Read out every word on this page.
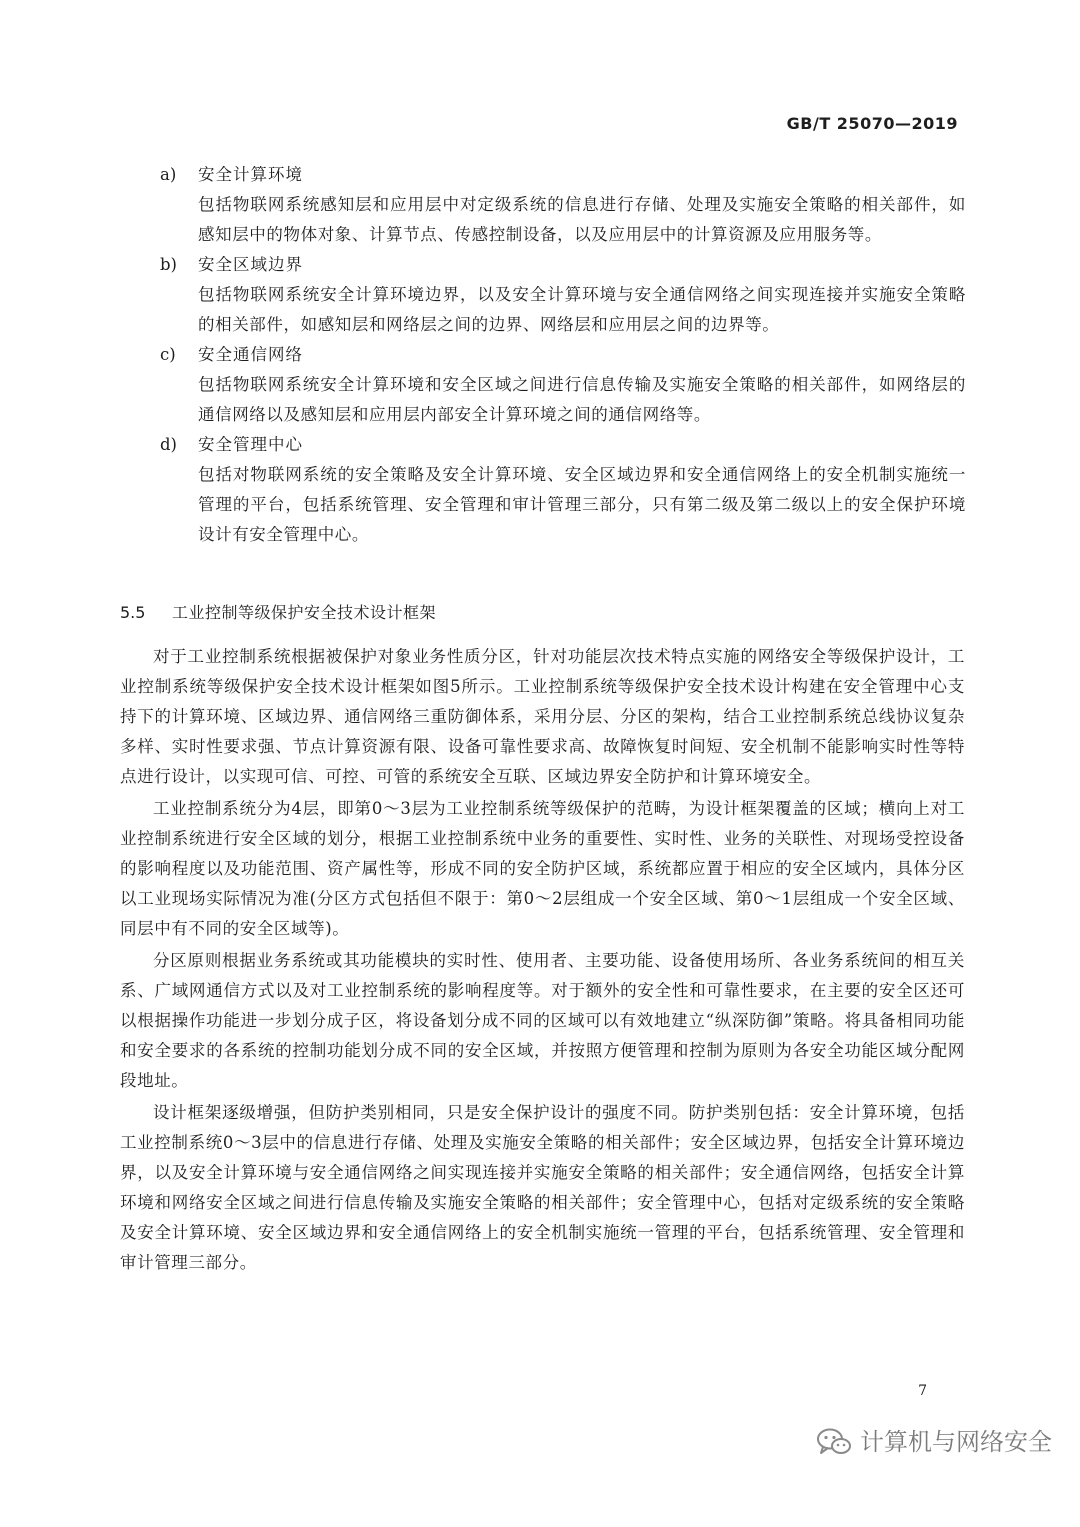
GB/T 25070—2019
a) 安全计算环境
包括物联网系统感知层和应用层中对定级系统的信息进行存储、处理及实施安全策略的相关部件，如感知层中的物体对象、计算节点、传感控制设备，以及应用层中的计算资源及应用服务等。
b) 安全区域边界
包括物联网系统安全计算环境边界，以及安全计算环境与安全通信网络之间实现连接并实施安全策略的相关部件，如感知层和网络层之间的边界、网络层和应用层之间的边界等。
c) 安全通信网络
包括物联网系统安全计算环境和安全区域之间进行信息传输及实施安全策略的相关部件，如网络层的通信网络以及感知层和应用层内部安全计算环境之间的通信网络等。
d) 安全管理中心
包括对物联网系统的安全策略及安全计算环境、安全区域边界和安全通信网络上的安全机制实施统一管理的平台，包括系统管理、安全管理和审计管理三部分，只有第二级及第二级以上的安全保护环境设计有安全管理中心。
5.5 工业控制等级保护安全技术设计框架

对于工业控制系统根据被保护对象业务性质分区，针对功能层次技术特点实施的网络安全等级保护设计，工业控制系统等级保护安全技术设计框架如图5所示。工业控制系统等级保护安全技术设计构建在安全管理中心支持下的计算环境、区域边界、通信网络三重防御体系，采用分层、分区的架构，结合工业控制系统总线协议复杂多样、实时性要求强、节点计算资源有限、设备可靠性要求高、故障恢复时间短、安全机制不能影响实时性等特点进行设计，以实现可信、可控、可管的系统安全互联、区域边界安全防护和计算环境安全。

工业控制系统分为4层，即第0～3层为工业控制系统等级保护的范畴，为设计框架覆盖的区域；横向上对工业控制系统进行安全区域的划分，根据工业控制系统中业务的重要性、实时性、业务的关联性、对现场受控设备的影响程度以及功能范围、资产属性等，形成不同的安全防护区域，系统都应置于相应的安全区域内，具体分区以工业现场实际情况为准(分区方式包括但不限于：第0～2层组成一个安全区域、第0～1层组成一个安全区域、同层中有不同的安全区域等)。

分区原则根据业务系统或其功能模块的实时性、使用者、主要功能、设备使用场所、各业务系统间的相互关系、广域网通信方式以及对工业控制系统的影响程度等。对于额外的安全性和可靠性要求，在主要的安全区还可以根据操作功能进一步划分成子区，将设备划分成不同的区域可以有效地建立“纵深防御”策略。将具备相同功能和安全要求的各系统的控制功能划分成不同的安全区域，并按照方便管理和控制为原则为各安全功能区域分配网段地址。

设计框架逐级增强，但防护类别相同，只是安全保护设计的强度不同。防护类别包括：安全计算环境，包括工业控制系统0～3层中的信息进行存储、处理及实施安全策略的相关部件；安全区域边界，包括安全计算环境边界，以及安全计算环境与安全通信网络之间实现连接并实施安全策略的相关部件；安全通信网络，包括安全计算环境和网络安全区域之间进行信息传输及实施安全策略的相关部件；安全管理中心，包括对定级系统的安全策略及安全计算环境、安全区域边界和安全通信网络上的安全机制实施统一管理的平台，包括系统管理、安全管理和审计管理三部分。

7
计算机与网络安全
